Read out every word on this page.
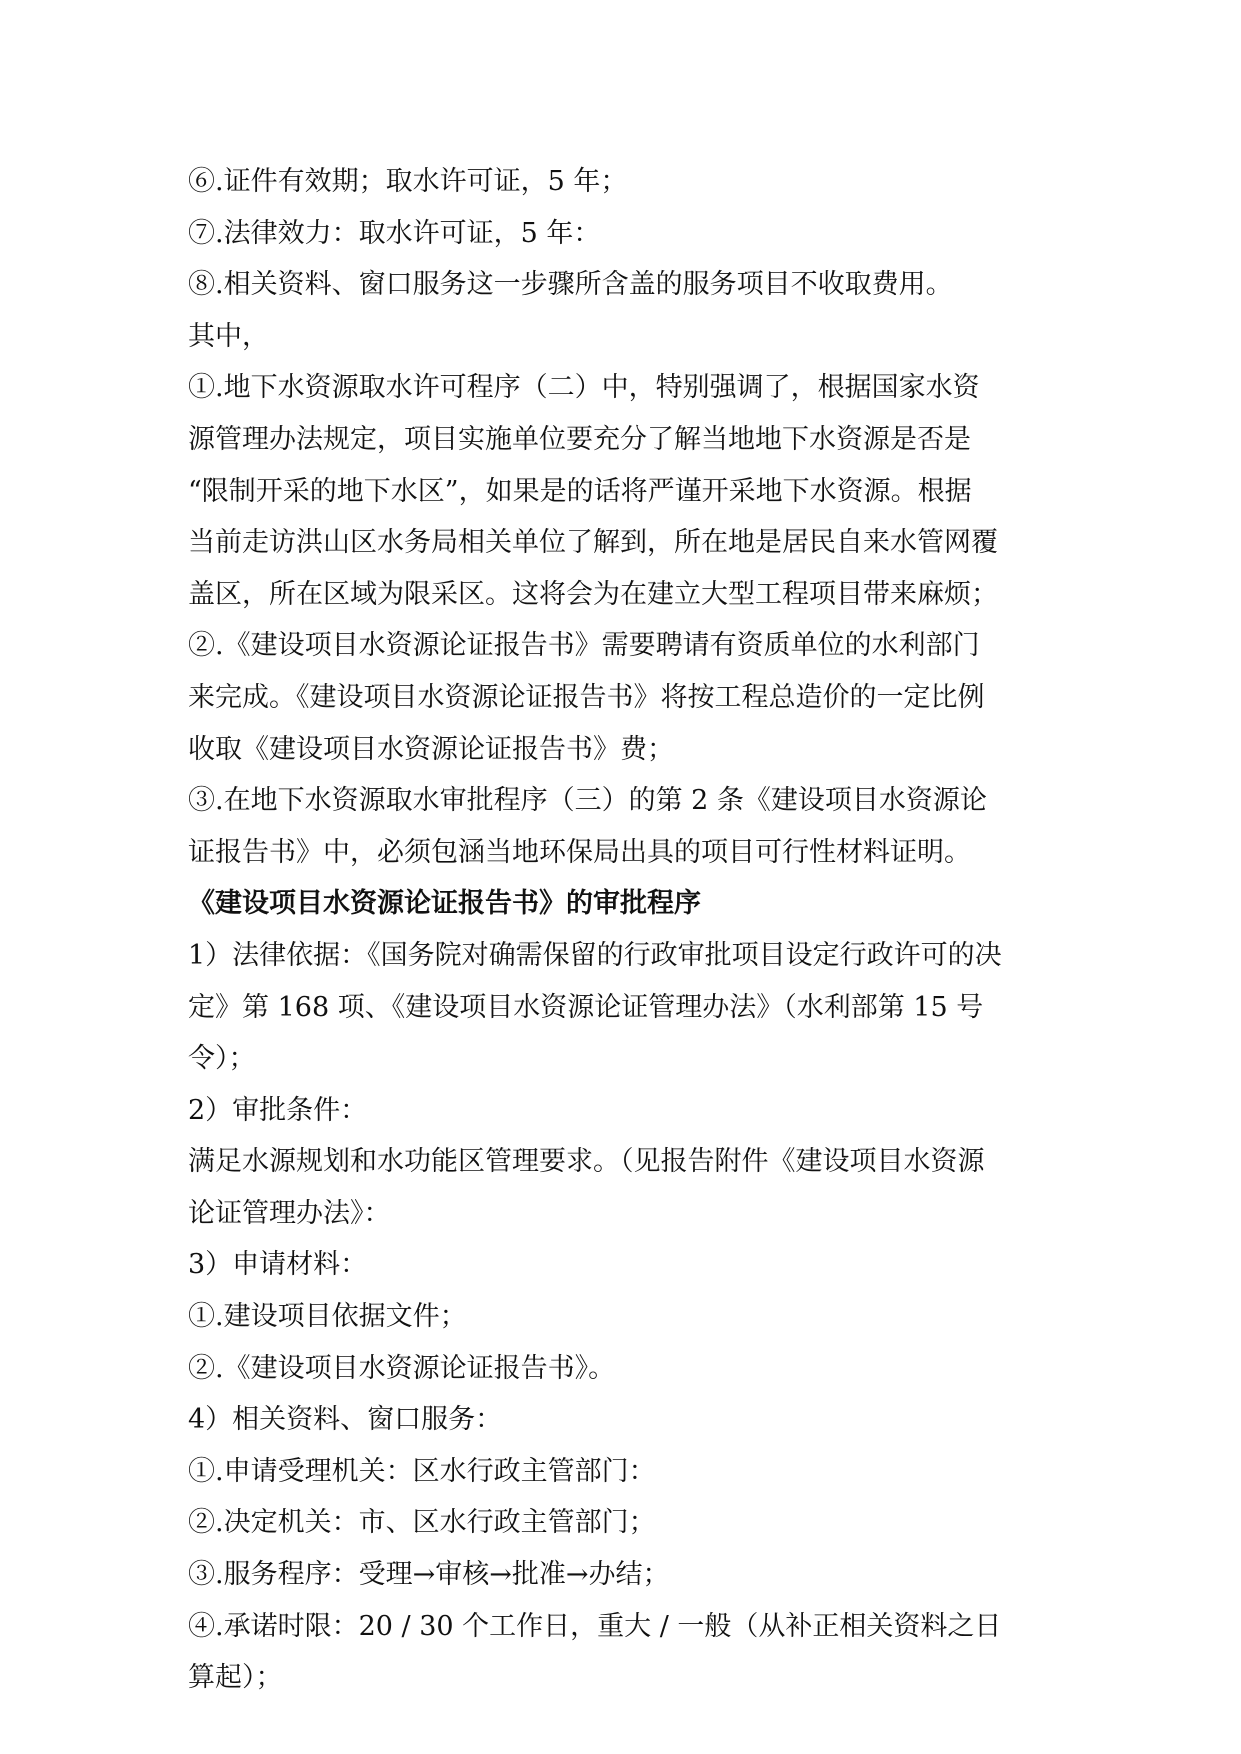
⑥.证件有效期；取水许可证，5 年；

⑦.法律效力：取水许可证，5 年：

⑧.相关资料、窗口服务这一步骤所含盖的服务项目不收取费用。

其中，

①.地下水资源取水许可程序（二）中，特别强调了，根据国家水资

源管理办法规定，项目实施单位要充分了解当地地下水资源是否是

“限制开采的地下水区”，如果是的话将严谨开采地下水资源。根据

当前走访洪山区水务局相关单位了解到，所在地是居民自来水管网覆

盖区，所在区域为限采区。这将会为在建立大型工程项目带来麻烦；

②.《建设项目水资源论证报告书》需要聘请有资质单位的水利部门

来完成。《建设项目水资源论证报告书》将按工程总造价的一定比例

收取《建设项目水资源论证报告书》费；

③.在地下水资源取水审批程序（三）的第 2 条《建设项目水资源论

证报告书》中，必须包涵当地环保局出具的项目可行性材料证明。

《建设项目水资源论证报告书》的审批程序

1）法律依据：《国务院对确需保留的行政审批项目设定行政许可的决

定》第 168 项、《建设项目水资源论证管理办法》（水利部第 15 号

令）；

2）审批条件：

满足水源规划和水功能区管理要求。（见报告附件《建设项目水资源

论证管理办法》：

3）申请材料：

①.建设项目依据文件；

②.《建设项目水资源论证报告书》。

4）相关资料、窗口服务：

①.申请受理机关：区水行政主管部门：

②.决定机关：市、区水行政主管部门；

③.服务程序：受理→审核→批准→办结；

④.承诺时限：20 / 30 个工作日，重大 / 一般（从补正相关资料之日

算起）；
